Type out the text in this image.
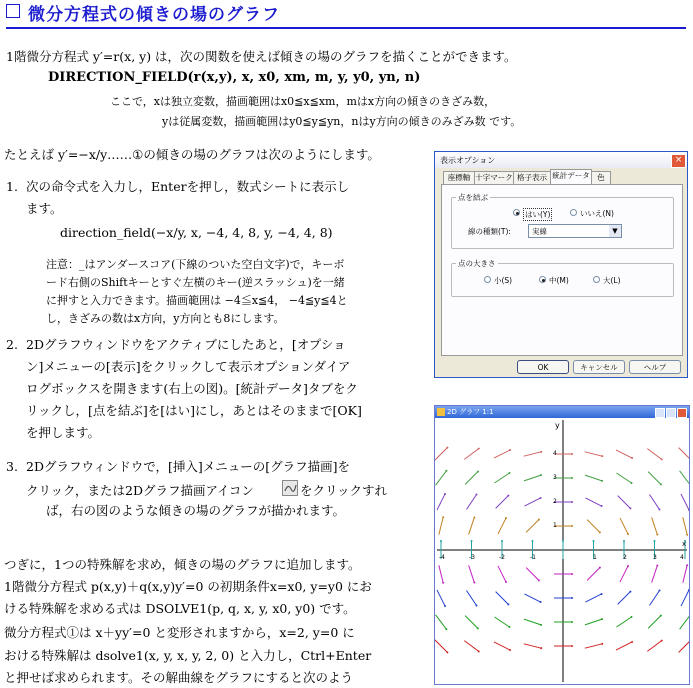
微分方程式の傾きの場のグラフ
1階微分方程式 y′=r(x, y) は，次の関数を使えば傾きの場のグラフを描くことができます。
DIRECTION_FIELD(r(x,y), x, x0, xm, m, y, y0, yn, n)
ここで，xは独立変数，描画範囲はx0≦x≦xm，mはx方向の傾きのきざみ数，
yは従属変数，描画範囲はy0≦y≦yn，nはy方向の傾きのみざみ数 です。
たとえば y′=−x/y……①の傾きの場のグラフは次のようにします。
1. 次の命令式を入力し，Enterを押し，数式シートに表示し
ます。
direction_field(−x/y, x, −4, 4, 8, y, −4, 4, 8)
注意：_はアンダースコア(下線のついた空白文字)で，キーボ
ード右側のShiftキーとすぐ左横のキー(逆スラッシュ)を一緒
に押すと入力できます。描画範囲は −4≦x≦4， −4≦y≦4と
し，きざみの数はx方向，y方向とも8にします。
2. 2Dグラフウィンドウをアクティブにしたあと，[オプショ
ン]メニューの[表示]をクリックして表示オプションダイア
ログボックスを開きます(右上の図)。[統計データ]タブをク
リックし，[点を結ぶ]を[はい]にし，あとはそのままで[OK]
を押します。
3. 2Dグラフウィンドウで，[挿入]メニューの[グラフ描画]を
クリック，または2Dグラフ描画アイコン	をクリックすれ
ば，右の図のような傾きの場のグラフが描かれます。
つぎに，1つの特殊解を求め，傾きの場のグラフに追加します。
1階微分方程式 p(x,y)＋q(x,y)y′=0 の初期条件x=x0, y=y0 にお
ける特殊解を求める式は DSOLVE1(p, q, x, y, x0, y0) です。
微分方程式①は x＋yy′=0 と変形されますから，x=2, y=0 に
おける特殊解は dsolve1(x, y, x, y, 2, 0) と入力し，Ctrl+Enter
と押せば求められます。その解曲線をグラフにすると次のよう
表示オプション	×
座標軸 十字マーク 格子表示 統計データ	色
点を結ぶ
はい(Y)	いいえ(N)
線の種類(T):	実線	▼
点の大きさ
小(S)	中(M)	大(L)
OK	キャンセル	ヘルプ
2D グラフ 1:1
y
4
3
2
1
-4	-3	-2	-1	1	2	3	4
x
